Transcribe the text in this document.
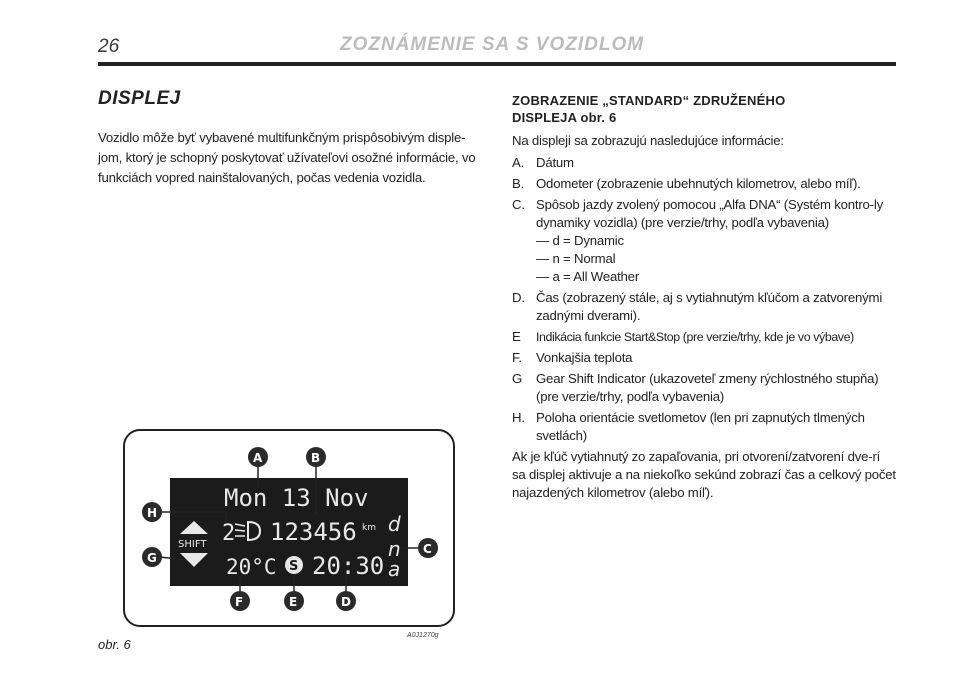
26	ZOZNÁMENIE SA S VOZIDLOM
DISPLEJ

Vozidlo môže byť vybavené multifunkčným prispôsobivým disple-jom, ktorý je schopný poskytovať užívateľovi osožné informácie, vo funkciách vopred nainštalovaných, počas vedenia vozidla.

ZOBRAZENIE „STANDARD“ ZDRUŽENÉHO
DISPLEJA obr. 6

Na displeji sa zobrazujú nasledujúce informácie:

A. Dátum
B. Odometer (zobrazenie ubehnutých kilometrov, alebo míľ).
C. Spôsob jazdy zvolený pomocou „Alfa DNA“ (Systém kontro-ly dynamiky vozidla) (pre verzie/trhy, podľa vybavenia)
— d = Dynamic
— n = Normal
— a = All Weather
D. Čas (zobrazený stále, aj s vytiahnutým kľúčom a zatvorenými zadnými dverami).
E	Indikácia funkcie Start&Stop (pre verzie/trhy, kde je vo výbave)
F.	Vonkajšia teplota
G	Gear Shift Indicator (ukazoveteľ zmeny rýchlostného stupňa) (pre verzie/trhy, podľa vybavenia)
H. Poloha orientácie svetlometov (len pri zapnutých tlmených svetlách)

Ak je kľúč vytiahnutý zo zapaľovania, pri otvorení/zatvorení dve-rí sa displej aktivuje a na niekoľko sekúnd zobrazí čas a celkový počet najazdených kilometrov (alebo míľ).

Mon 13 Nov
SHIFT 2 123456 km d
n
a
20°C S 20:30
A	B
C
D
E
F
G
H
obr. 6
A0J1270g
